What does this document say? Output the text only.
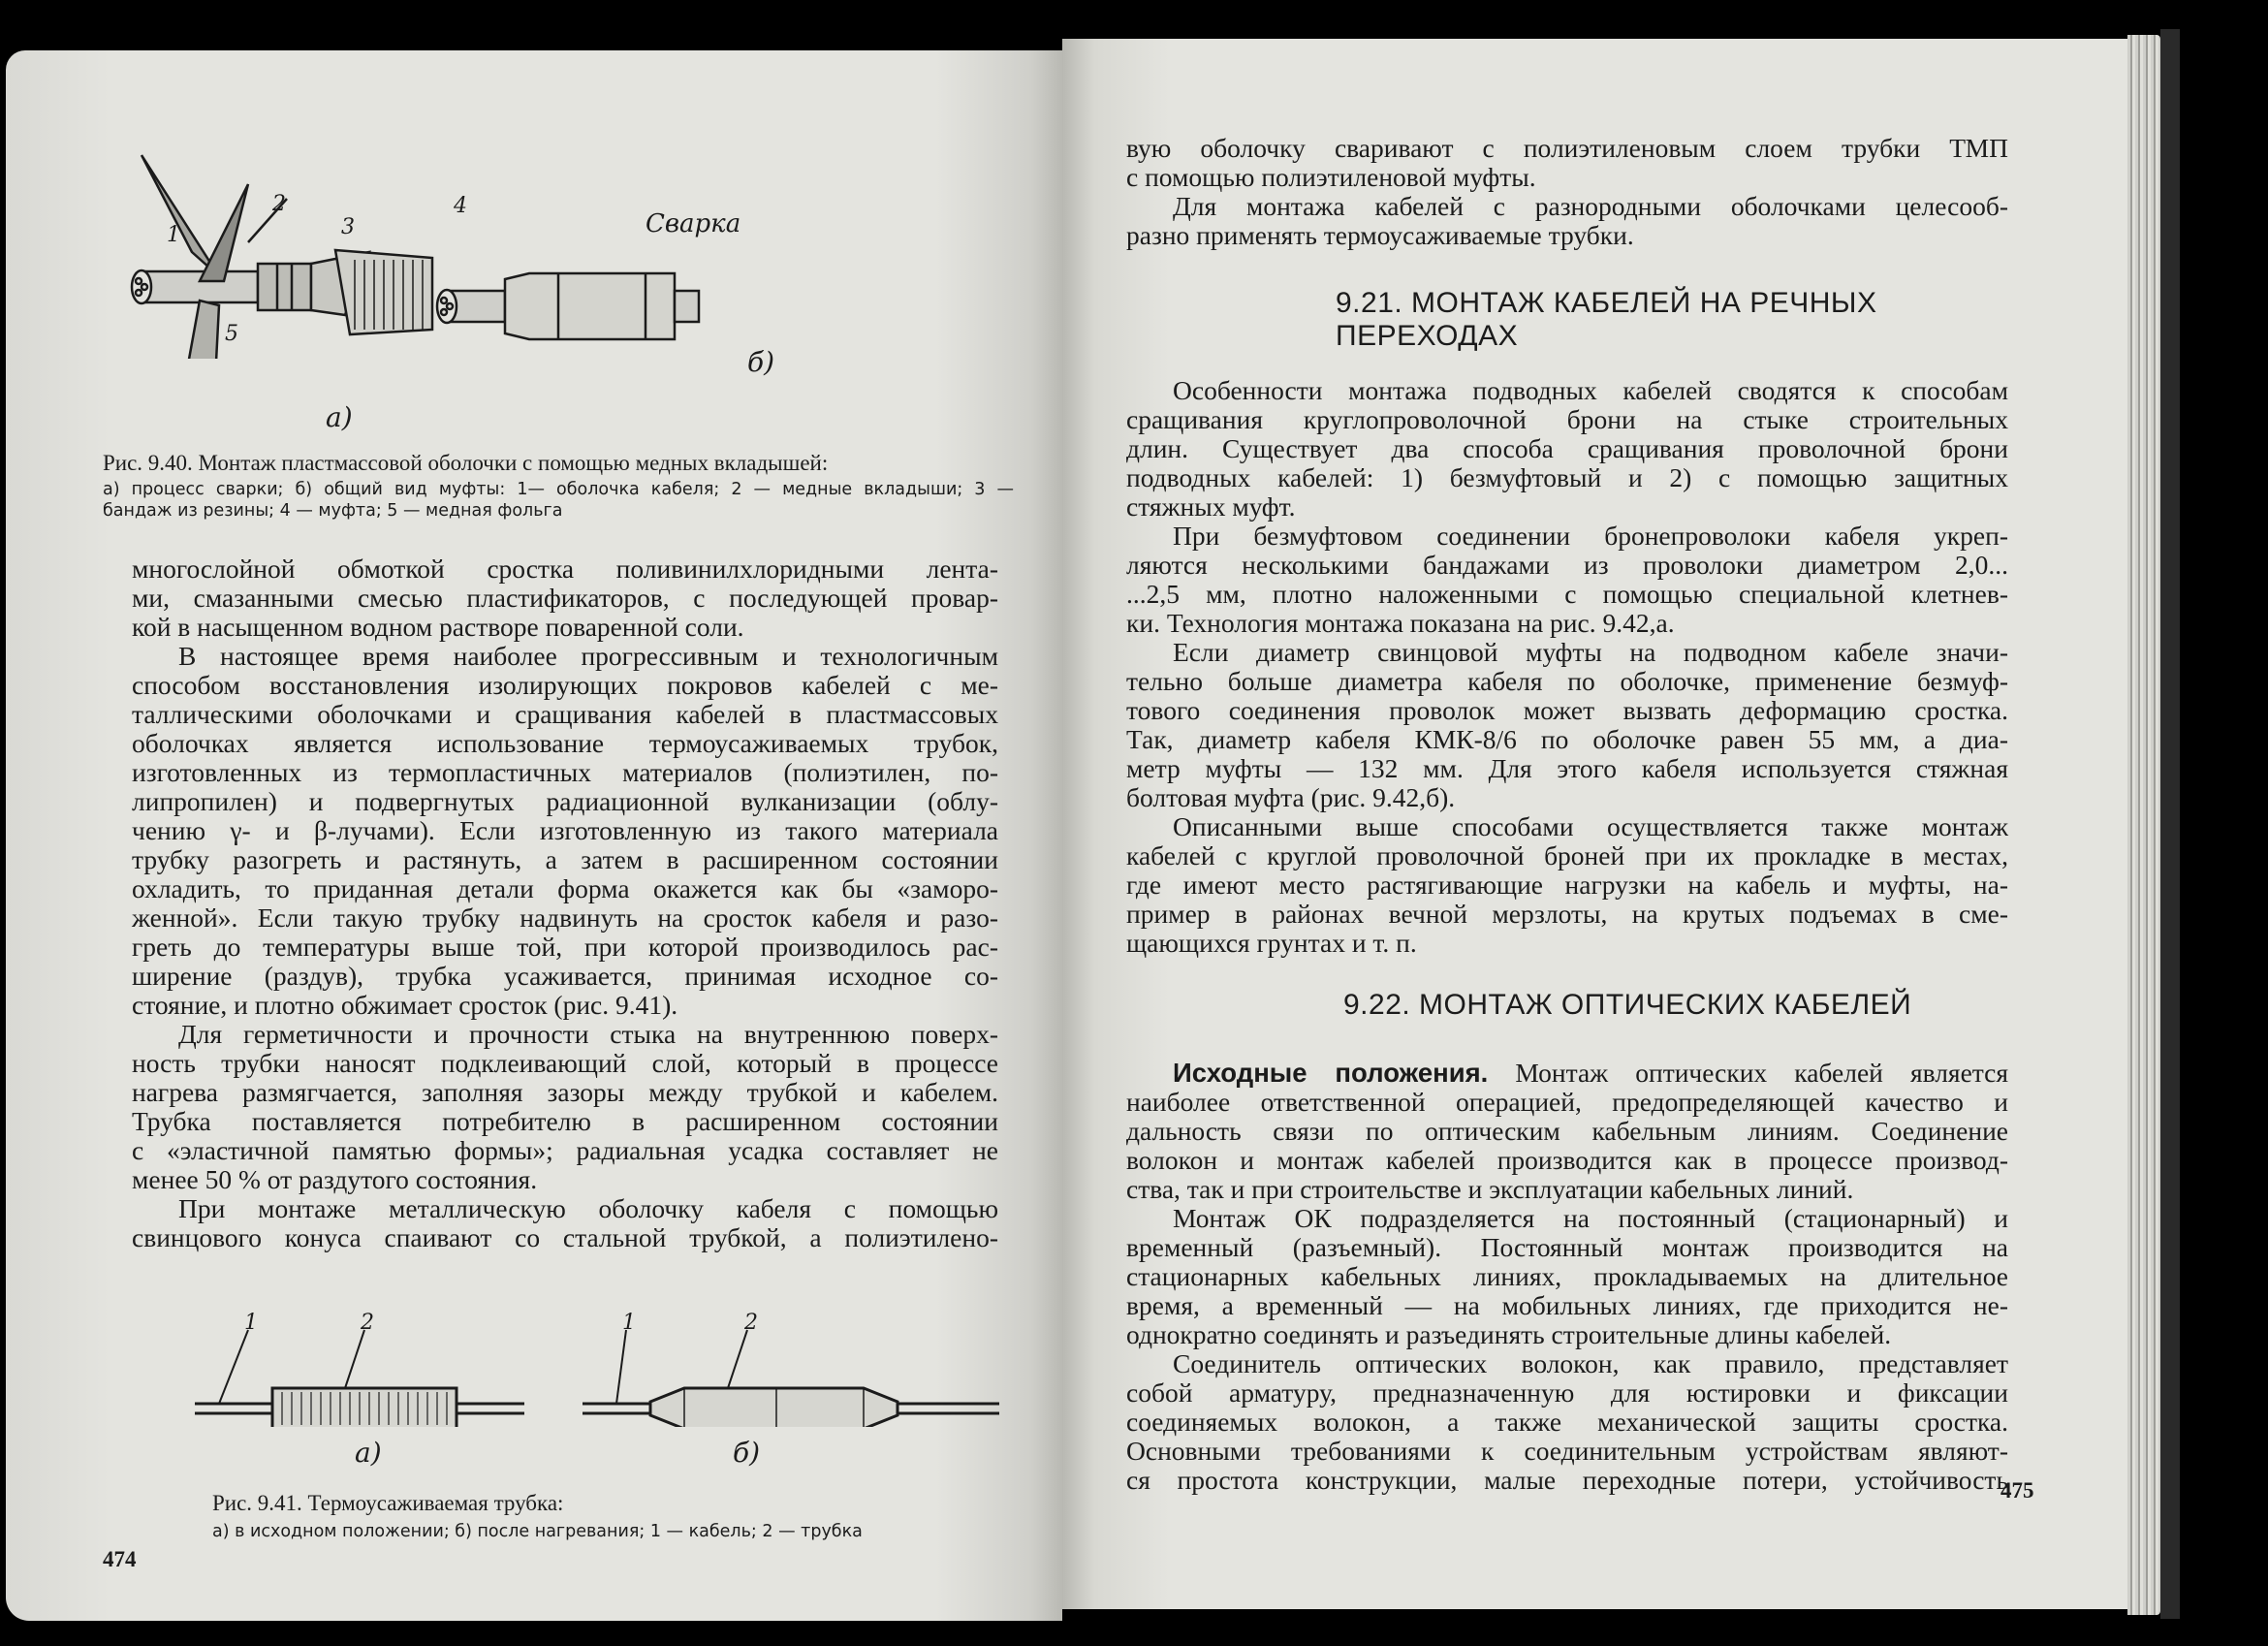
1
2
3
4
5
Сварка
а)
б)
Рис. 9.40. Монтаж пластмассовой оболочки с помощью медных вкладышей:
а) процесс сварки; б) общий вид муфты: 1— оболочка кабеля; 2 — медные вкладыши; 3 —
бандаж из резины; 4 — муфта; 5 — медная фольга
многослойной обмоткой сростка поливинилхлоридными лента-
ми, смазанными смесью пластификаторов, с последующей провар-
кой в насыщенном водном растворе поваренной соли.
В настоящее время наиболее прогрессивным и технологичным
способом восстановления изолирующих покровов кабелей с ме-
таллическими оболочками и сращивания кабелей в пластмассовых
оболочках является использование термоусаживаемых трубок,
изготовленных из термопластичных материалов (полиэтилен, по-
липропилен) и подвергнутых радиационной вулканизации (облу-
чению γ- и β-лучами). Если изготовленную из такого материала
трубку разогреть и растянуть, а затем в расширенном состоянии
охладить, то приданная детали форма окажется как бы «заморо-
женной». Если такую трубку надвинуть на сросток кабеля и разо-
греть до температуры выше той, при которой производилось рас-
ширение (раздув), трубка усаживается, принимая исходное со-
стояние, и плотно обжимает сросток (рис. 9.41).
Для герметичности и прочности стыка на внутреннюю поверх-
ность трубки наносят подклеивающий слой, который в процессе
нагрева размягчается, заполняя зазоры между трубкой и кабелем.
Трубка поставляется потребителю в расширенном состоянии
с «эластичной памятью формы»; радиальная усадка составляет не
менее 50 % от раздутого состояния.
При монтаже металлическую оболочку кабеля с помощью
свинцового конуса спаивают со стальной трубкой, а полиэтилено-
1	2	1	2
а)	б)
Рис. 9.41. Термоусаживаемая трубка:
а) в исходном положении; б) после нагревания; 1 — кабель; 2 — трубка
474
вую оболочку сваривают с полиэтиленовым слоем трубки ТМП
с помощью полиэтиленовой муфты.
Для монтажа кабелей с разнородными оболочками целесооб-
разно применять термоусаживаемые трубки.
9.21. МОНТАЖ КАБЕЛЕЙ НА РЕЧНЫХ
ПЕРЕХОДАХ
Особенности монтажа подводных кабелей сводятся к способам
сращивания круглопроволочной брони на стыке строительных
длин. Существует два способа сращивания проволочной брони
подводных кабелей: 1) безмуфтовый и 2) с помощью защитных
стяжных муфт.
При безмуфтовом соединении бронепроволоки кабеля укреп-
ляются несколькими бандажами из проволоки диаметром 2,0...
...2,5 мм, плотно наложенными с помощью специальной клетнев-
ки. Технология монтажа показана на рис. 9.42,а.
Если диаметр свинцовой муфты на подводном кабеле значи-
тельно больше диаметра кабеля по оболочке, применение безмуф-
тового соединения проволок может вызвать деформацию сростка.
Так, диаметр кабеля КМК-8/6 по оболочке равен 55 мм, а диа-
метр муфты — 132 мм. Для этого кабеля используется стяжная
болтовая муфта (рис. 9.42,б).
Описанными выше способами осуществляется также монтаж
кабелей с круглой проволочной броней при их прокладке в местах,
где имеют место растягивающие нагрузки на кабель и муфты, на-
пример в районах вечной мерзлоты, на крутых подъемах в сме-
щающихся грунтах и т. п.
9.22. МОНТАЖ ОПТИЧЕСКИХ КАБЕЛЕЙ
Исходные положения. Монтаж оптических кабелей является
наиболее ответственной операцией, предопределяющей качество и
дальность связи по оптическим кабельным линиям. Соединение
волокон и монтаж кабелей производится как в процессе производ-
ства, так и при строительстве и эксплуатации кабельных линий.
Монтаж ОК подразделяется на постоянный (стационарный) и
временный (разъемный). Постоянный монтаж производится на
стационарных кабельных линиях, прокладываемых на длительное
время, а временный — на мобильных линиях, где приходится не-
однократно соединять и разъединять строительные длины кабелей.
Соединитель оптических волокон, как правило, представляет
собой арматуру, предназначенную для юстировки и фиксации
соединяемых волокон, а также механической защиты сростка.
Основными требованиями к соединительным устройствам являют-
ся простота конструкции, малые переходные потери, устойчивость
475
